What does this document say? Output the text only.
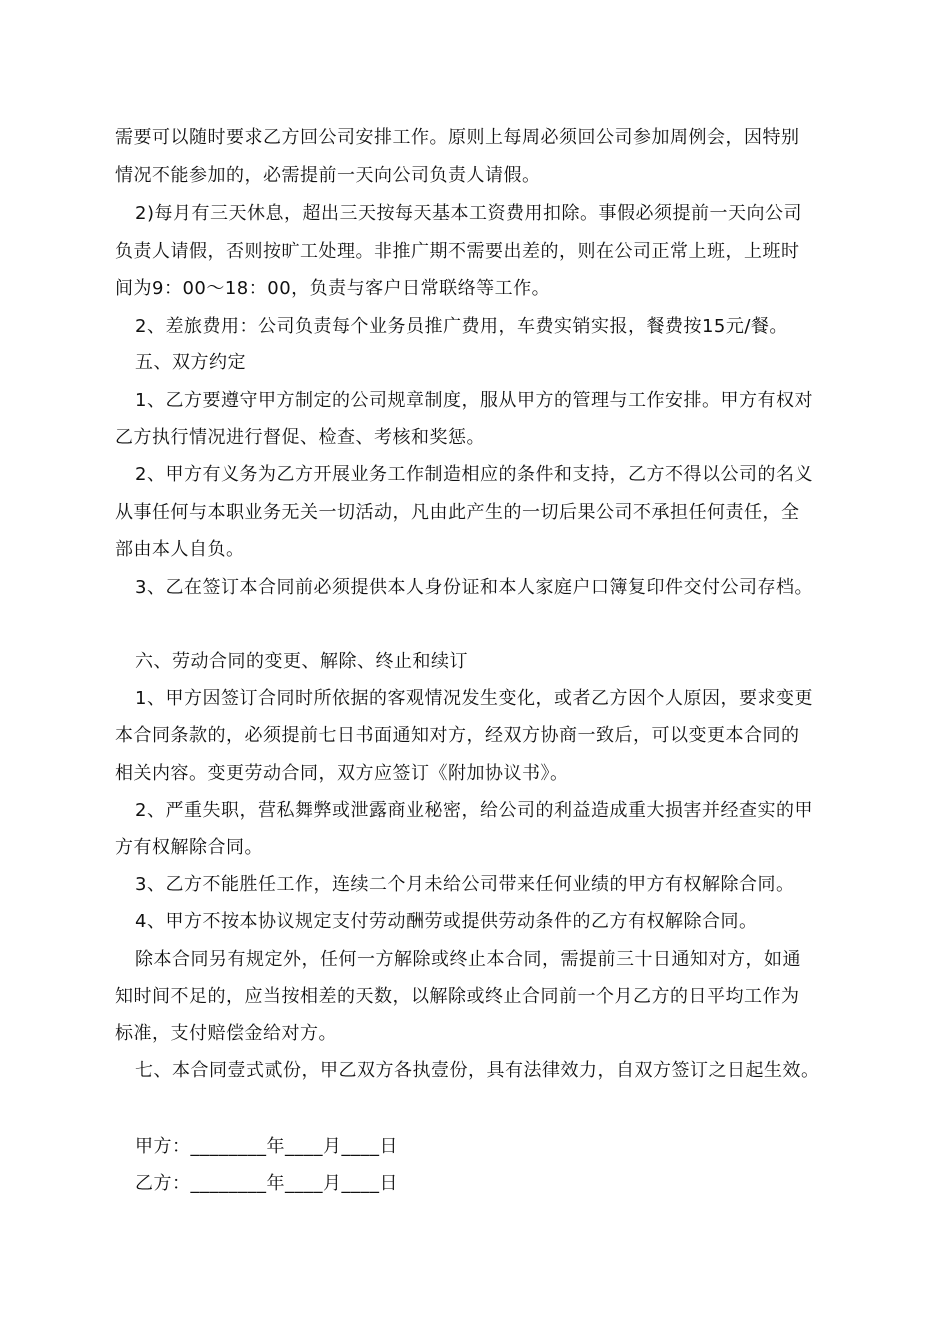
需要可以随时要求乙方回公司安排工作。原则上每周必须回公司参加周例会，因特别
情况不能参加的，必需提前一天向公司负责人请假。
2)每月有三天休息，超出三天按每天基本工资费用扣除。事假必须提前一天向公司
负责人请假，否则按旷工处理。非推广期不需要出差的，则在公司正常上班，上班时
间为9：00～18：00，负责与客户日常联络等工作。
2、差旅费用：公司负责每个业务员推广费用，车费实销实报，餐费按15元/餐。
五、双方约定
1、乙方要遵守甲方制定的公司规章制度，服从甲方的管理与工作安排。甲方有权对
乙方执行情况进行督促、检查、考核和奖惩。
2、甲方有义务为乙方开展业务工作制造相应的条件和支持，乙方不得以公司的名义
从事任何与本职业务无关一切活动，凡由此产生的一切后果公司不承担任何责任，全
部由本人自负。
3、乙在签订本合同前必须提供本人身份证和本人家庭户口簿复印件交付公司存档。
六、劳动合同的变更、解除、终止和续订
1、甲方因签订合同时所依据的客观情况发生变化，或者乙方因个人原因，要求变更
本合同条款的，必须提前七日书面通知对方，经双方协商一致后，可以变更本合同的
相关内容。变更劳动合同，双方应签订《附加协议书》。
2、严重失职，营私舞弊或泄露商业秘密，给公司的利益造成重大损害并经查实的甲
方有权解除合同。
3、乙方不能胜任工作，连续二个月未给公司带来任何业绩的甲方有权解除合同。
4、甲方不按本协议规定支付劳动酬劳或提供劳动条件的乙方有权解除合同。
除本合同另有规定外，任何一方解除或终止本合同，需提前三十日通知对方，如通
知时间不足的，应当按相差的天数，以解除或终止合同前一个月乙方的日平均工作为
标准，支付赔偿金给对方。
七、本合同壹式贰份，甲乙双方各执壹份，具有法律效力，自双方签订之日起生效。
甲方：________年____月____日
乙方：________年____月____日
